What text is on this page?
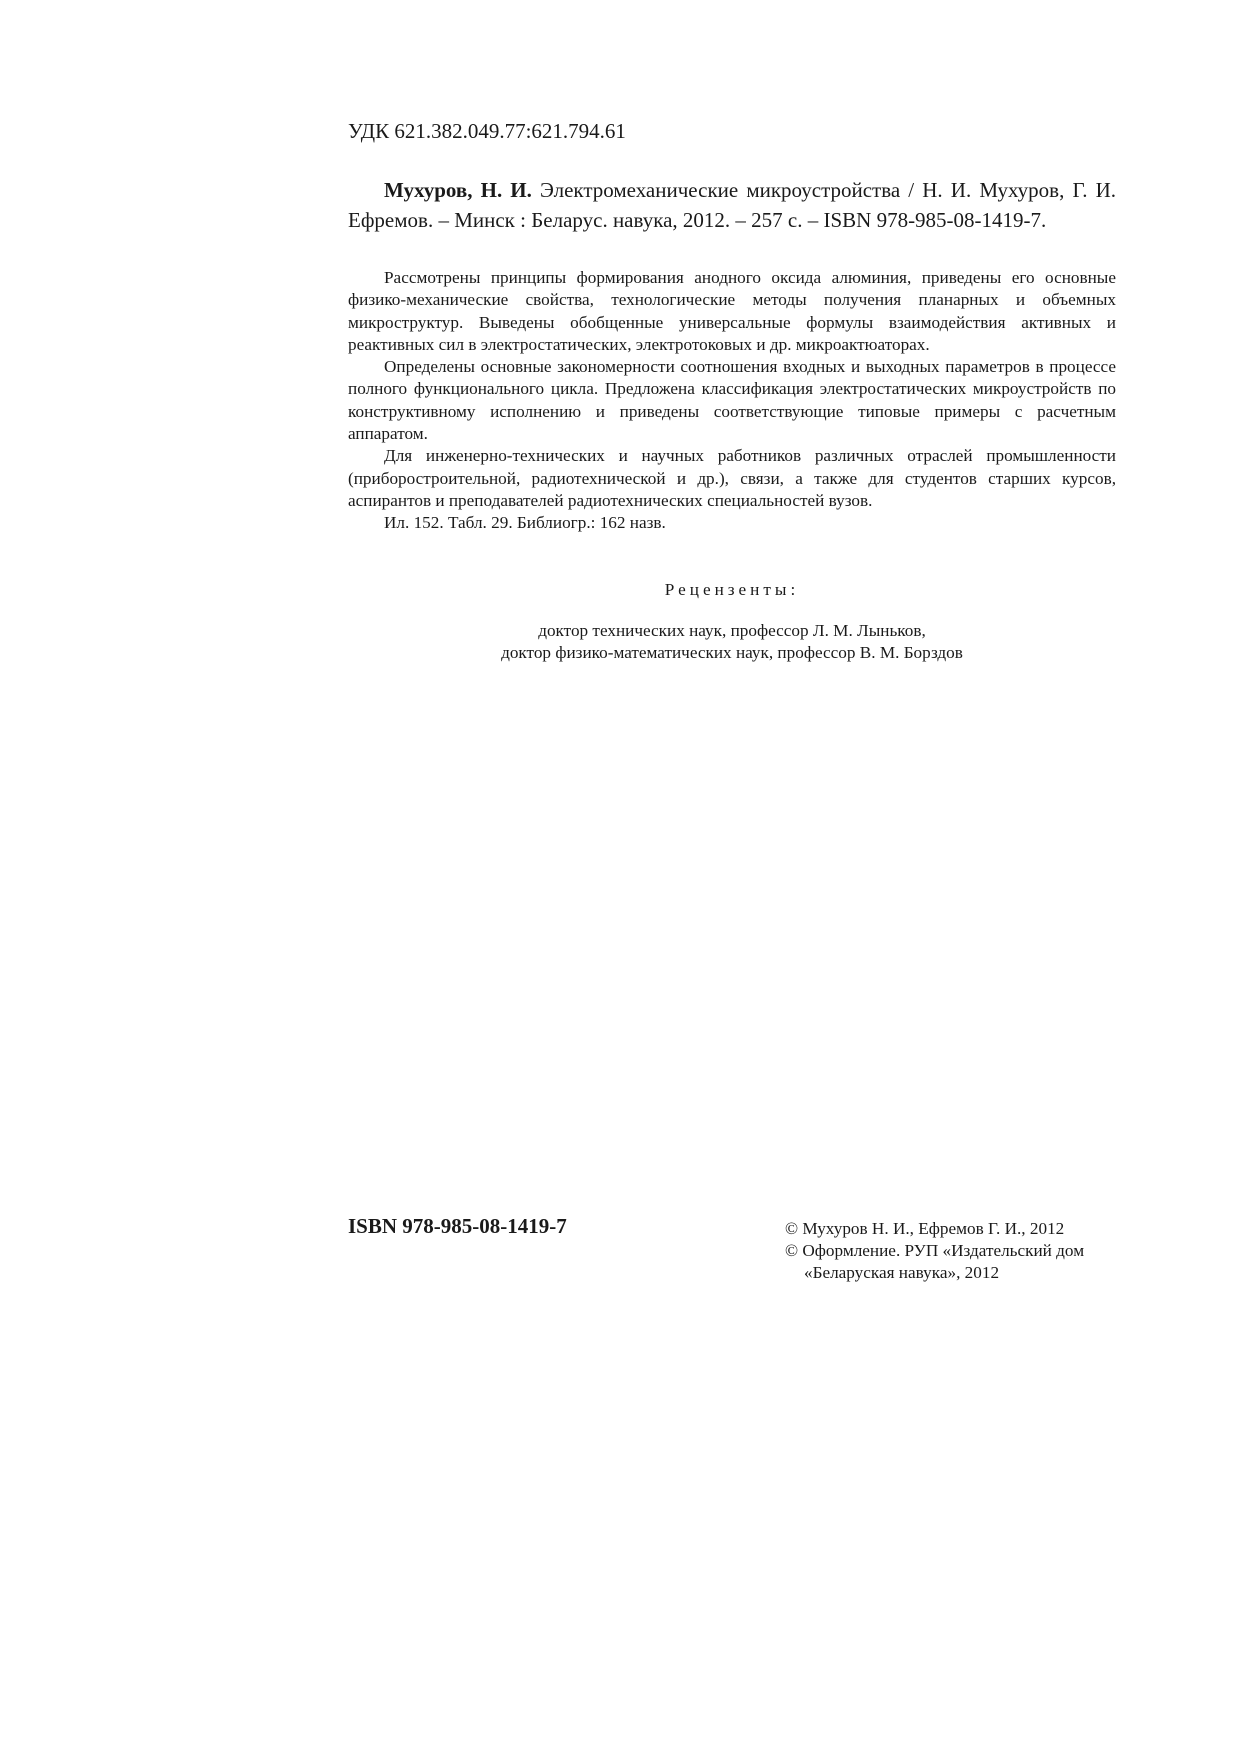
УДК 621.382.049.77:621.794.61
Мухуров, Н. И. Электромеханические микроустройства / Н. И. Мухуров, Г. И. Ефремов. – Минск : Беларус. навука, 2012. – 257 с. – ISBN 978-985-08-1419-7.

Рассмотрены принципы формирования анодного оксида алюминия, приведены его основные физико-механические свойства, технологические методы получения планарных и объемных микроструктур. Выведены обобщенные универсальные формулы взаимодействия активных и реактивных сил в электростатических, электротоковых и др. микроактюаторах.

Определены основные закономерности соотношения входных и выходных параметров в процессе полного функционального цикла. Предложена классификация электростатических микроустройств по конструктивному исполнению и приведены соответствующие типовые примеры с расчетным аппаратом.

Для инженерно-технических и научных работников различных отраслей промышленности (приборостроительной, радиотехнической и др.), связи, а также для студентов старших курсов, аспирантов и преподавателей радиотехнических специальностей вузов.

Ил. 152. Табл. 29. Библиогр.: 162 назв.

Рецензенты:

доктор технических наук, профессор Л. М. Лыньков,

доктор физико-математических наук, профессор В. М. Борздов

ISBN 978-985-08-1419-7	© Мухуров Н. И., Ефремов Г. И., 2012

© Оформление. РУП «Издательский дом

«Беларуская навука», 2012
